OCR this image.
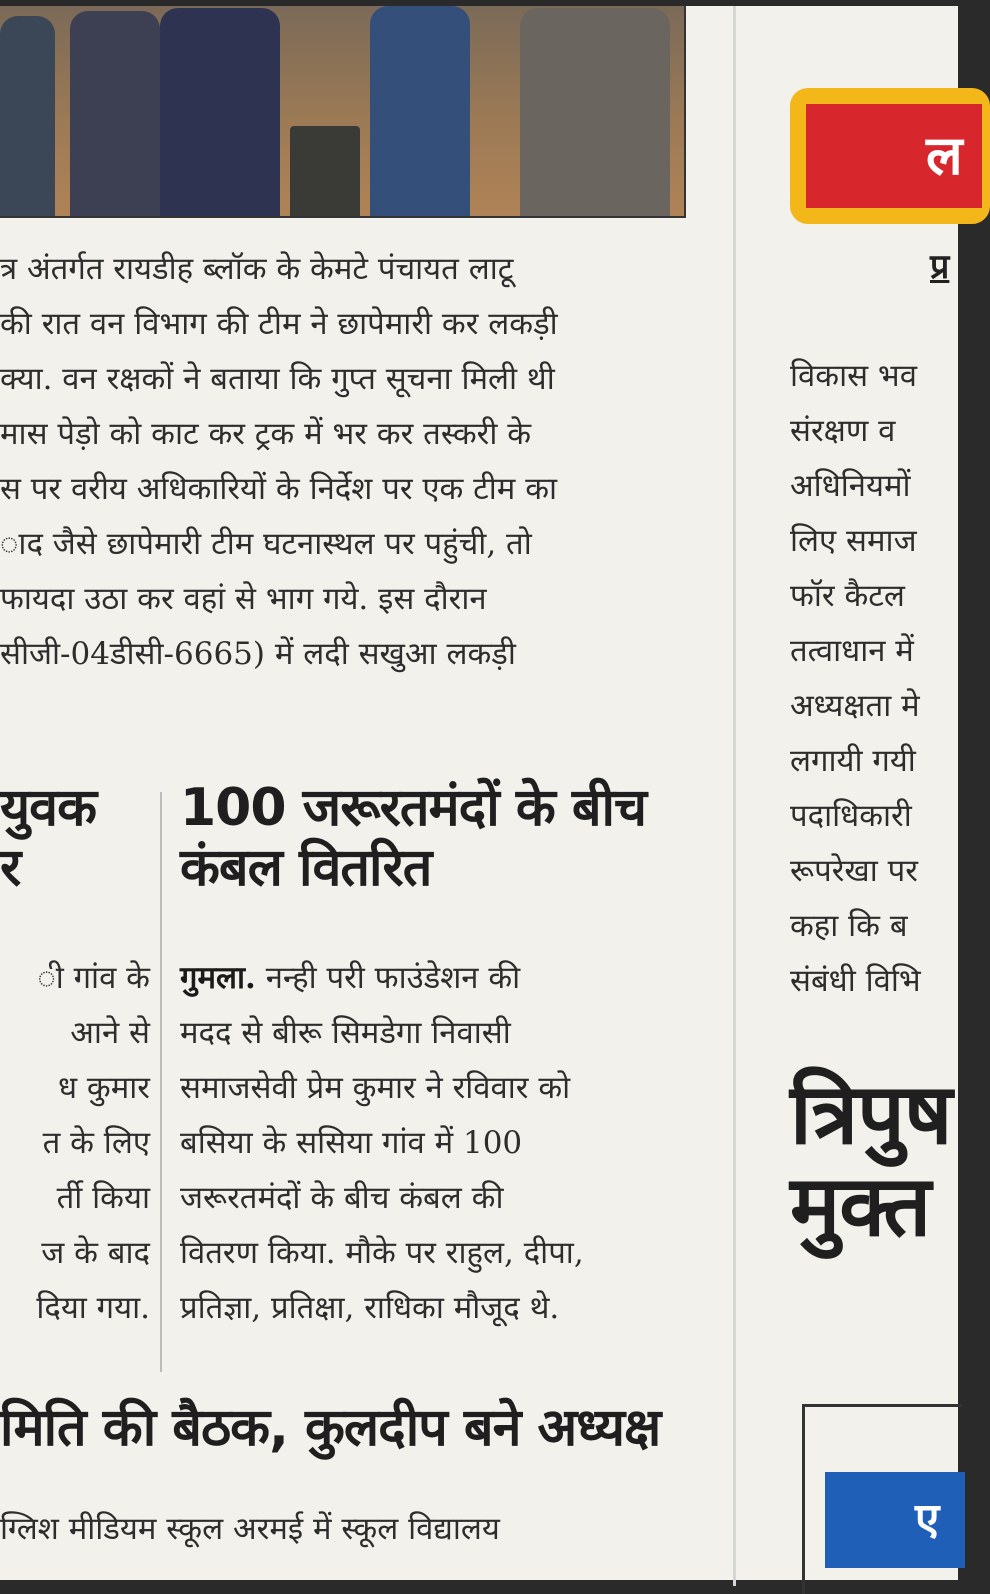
त्र अंतर्गत रायडीह ब्लॉक के केमटे पंचायत लाटू
की रात वन विभाग की टीम ने छापेमारी कर लकड़ी
क्या. वन रक्षकों ने बताया कि गुप्त सूचना मिली थी
मास पेड़ो को काट कर ट्रक में भर कर तस्करी के
स पर वरीय अधिकारियों के निर्देश पर एक टीम का
ाद जैसे छापेमारी टीम घटनास्थल पर पहुंची, तो
फायदा उठा कर वहां से भाग गये. इस दौरान
सीजी-04डीसी-6665) में लदी सखुआ लकड़ी
युवक
र
100 जरूरतमंदों के बीच
कंबल वितरित
ी गांव के
आने से
ध कुमार
त के लिए
र्ती किया
ज के बाद
दिया गया.
गुमला. नन्ही परी फाउंडेशन की
मदद से बीरू सिमडेगा निवासी
समाजसेवी प्रेम कुमार ने रविवार को
बसिया के ससिया गांव में 100
जरूरतमंदों के बीच कंबल की
वितरण किया. मौके पर राहुल, दीपा,
प्रतिज्ञा, प्रतिक्षा, राधिका मौजूद थे.
मिति की बैठक, कुलदीप बने अध्यक्ष
ग्लिश मीडियम स्कूल अरमई में स्कूल विद्यालय
ल
प्र
विकास भव
संरक्षण व
अधिनियमों
लिए समाज
फॉर कैटल
तत्वाधान में
अध्यक्षता मे
लगायी गयी
पदाधिकारी
रूपरेखा पर
कहा कि ब
संबंधी विभि
त्रिपुष
मुक्त
ए
